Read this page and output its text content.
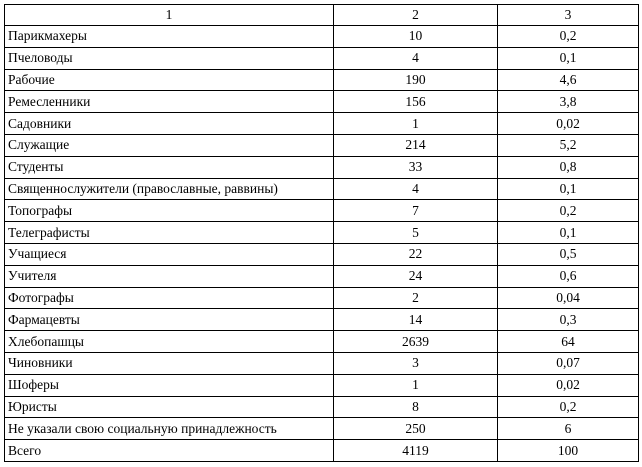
1	2	3
Парикмахеры	10	0,2
Пчеловоды	4	0,1
Рабочие	190	4,6
Ремесленники	156	3,8
Садовники	1	0,02
Служащие	214	5,2
Студенты	33	0,8
Священнослужители (православные, раввины)	4	0,1
Топографы	7	0,2
Телеграфисты	5	0,1
Учащиеся	22	0,5
Учителя	24	0,6
Фотографы	2	0,04
Фармацевты	14	0,3
Хлебопашцы	2639	64
Чиновники	3	0,07
Шоферы	1	0,02
Юристы	8	0,2
Не указали свою социальную принадлежность	250	6
Всего	4119	100
